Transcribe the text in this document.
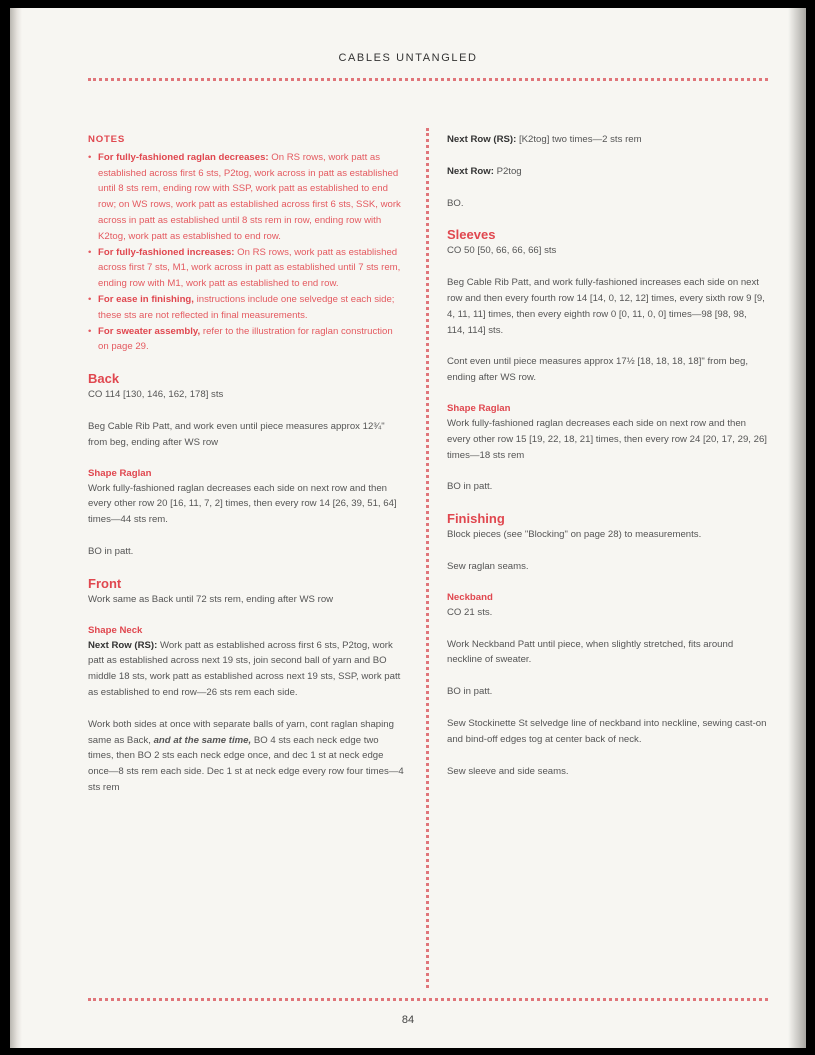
CABLES UNTANGLED
NOTES
• For fully-fashioned raglan decreases: On RS rows, work patt as established across first 6 sts, P2tog, work across in patt as established until 8 sts rem, ending row with SSP, work patt as established to end row; on WS rows, work patt as established across first 6 sts, SSK, work across in patt as established until 8 sts rem in row, ending row with K2tog, work patt as established to end row.
• For fully-fashioned increases: On RS rows, work patt as established across first 7 sts, M1, work across in patt as established until 7 sts rem, ending row with M1, work patt as established to end row.
• For ease in finishing, instructions include one selvedge st each side; these sts are not reflected in final measurements.
• For sweater assembly, refer to the illustration for raglan construction on page 29.
Back

CO 114 [130, 146, 162, 178] sts

Beg Cable Rib Patt, and work even until piece measures approx 12¾" from beg, ending after WS row

Shape Raglan

Work fully-fashioned raglan decreases each side on next row and then every other row 20 [16, 11, 7, 2] times, then every row 14 [26, 39, 51, 64] times—44 sts rem.

BO in patt.

Front

Work same as Back until 72 sts rem, ending after WS row

Shape Neck

Next Row (RS): Work patt as established across first 6 sts, P2tog, work patt as established across next 19 sts, join second ball of yarn and BO middle 18 sts, work patt as established across next 19 sts, SSP, work patt as established to end row—26 sts rem each side.

Work both sides at once with separate balls of yarn, cont raglan shaping same as Back, and at the same time, BO 4 sts each neck edge two times, then BO 2 sts each neck edge once, and dec 1 st at neck edge once—8 sts rem each side. Dec 1 st at neck edge every row four times—4 sts rem

Next Row (RS): [K2tog] two times—2 sts rem

Next Row: P2tog

BO.

Sleeves

CO 50 [50, 66, 66, 66] sts

Beg Cable Rib Patt, and work fully-fashioned increases each side on next row and then every fourth row 14 [14, 0, 12, 12] times, every sixth row 9 [9, 4, 11, 11] times, then every eighth row 0 [0, 11, 0, 0] times—98 [98, 98, 114, 114] sts.

Cont even until piece measures approx 17½ [18, 18, 18, 18]" from beg, ending after WS row.

Shape Raglan

Work fully-fashioned raglan decreases each side on next row and then every other row 15 [19, 22, 18, 21] times, then every row 24 [20, 17, 29, 26] times—18 sts rem

BO in patt.

Finishing

Block pieces (see "Blocking" on page 28) to measurements.

Sew raglan seams.

Neckband

CO 21 sts.

Work Neckband Patt until piece, when slightly stretched, fits around neckline of sweater.

BO in patt.

Sew Stockinette St selvedge line of neckband into neckline, sewing cast-on and bind-off edges tog at center back of neck.

Sew sleeve and side seams.

84
